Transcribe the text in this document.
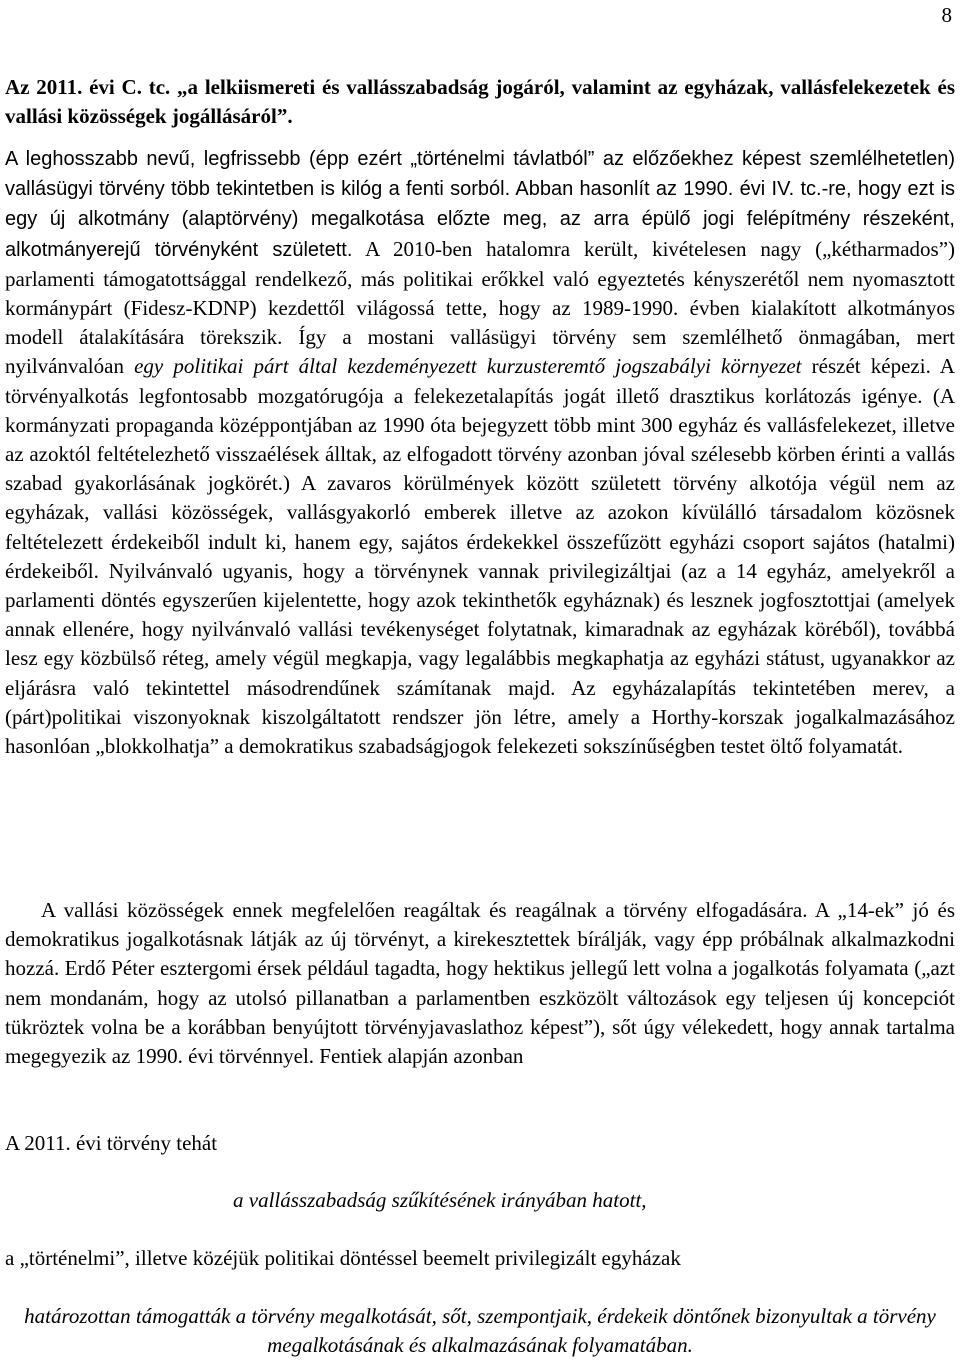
8
Az 2011. évi C. tc. „a lelkiismereti és vallásszabadság jogáról, valamint az egyházak, vallásfelekezetek és vallási közösségek jogállásáról”.
A leghosszabb nevű, legfrissebb (épp ezért „történelmi távlatból” az előzőekhez képest szemlélhetetlen) vallásügyi törvény több tekintetben is kilóg a fenti sorból. Abban hasonlít az 1990. évi IV. tc.-re, hogy ezt is egy új alkotmány (alaptörvény) megalkotása előzte meg, az arra épülő jogi felépítmény részeként, alkotmányerejű törvényként született. A 2010-ben hatalomra került, kivételesen nagy („kétharmados”) parlamenti támogatottsággal rendelkező, más politikai erőkkel való egyeztetés kényszerétől nem nyomasztott kormánypárt (Fidesz-KDNP) kezdettől világossá tette, hogy az 1989-1990. évben kialakított alkotmányos modell átalakítására törekszik. Így a mostani vallásügyi törvény sem szemlélhető önmagában, mert nyilvánvalóan egy politikai párt által kezdeményezett kurzusteremtő jogszabályi környezet részét képezi. A törvényalkotás legfontosabb mozgatórugója a felekezetalapítás jogát illető drasztikus korlátozás igénye. (A kormányzati propaganda középpontjában az 1990 óta bejegyzett több mint 300 egyház és vallásfelekezet, illetve az azoktól feltételezhető visszaélések álltak, az elfogadott törvény azonban jóval szélesebb körben érinti a vallás szabad gyakorlásának jogkörét.) A zavaros körülmények között született törvény alkotója végül nem az egyházak, vallási közösségek, vallásgyakorló emberek illetve az azokon kívülálló társadalom közösnek feltételezett érdekeiből indult ki, hanem egy, sajátos érdekekkel összefűzött egyházi csoport sajátos (hatalmi) érdekeiből. Nyilvánvaló ugyanis, hogy a törvénynek vannak privilegizáltjai (az a 14 egyház, amelyekről a parlamenti döntés egyszerűen kijelentette, hogy azok tekinthetők egyháznak) és lesznek jogfosztottjai (amelyek annak ellenére, hogy nyilvánvaló vallási tevékenységet folytatnak, kimaradnak az egyházak köréből), továbbá lesz egy közbülső réteg, amely végül megkapja, vagy legalábbis megkaphatja az egyházi státust, ugyanakkor az eljárásra való tekintettel másodrendűnek számítanak majd. Az egyházalapítás tekintetében merev, a (párt)politikai viszonyoknak kiszolgáltatott rendszer jön létre, amely a Horthy-korszak jogalkalmazásához hasonlóan „blokkolhatja” a demokratikus szabadságjogok felekezeti sokszínűségben testet öltő folyamatát.
A vallási közösségek ennek megfelelően reagáltak és reagálnak a törvény elfogadására. A „14-ek” jó és demokratikus jogalkotásnak látják az új törvényt, a kirekesztettek bírálják, vagy épp próbálnak alkalmazkodni hozzá. Erdő Péter esztergomi érsek például tagadta, hogy hektikus jellegű lett volna a jogalkotás folyamata („azt nem mondanám, hogy az utolsó pillanatban a parlamentben eszközölt változások egy teljesen új koncepciót tükröztek volna be a korábban benyújtott törvényjavaslathoz képest”), sőt úgy vélekedett, hogy annak tartalma megegyezik az 1990. évi törvénnyel. Fentiek alapján azonban
A 2011. évi törvény tehát
a vallásszabadság szűkítésének irányában hatott,
a „történelmi”, illetve közéjük politikai döntéssel beemelt privilegizált egyházak
határozottan támogatták a törvény megalkotását, sőt, szempontjaik, érdekeik döntőnek bizonyultak a törvény megalkotásának és alkalmazásának folyamatában.
